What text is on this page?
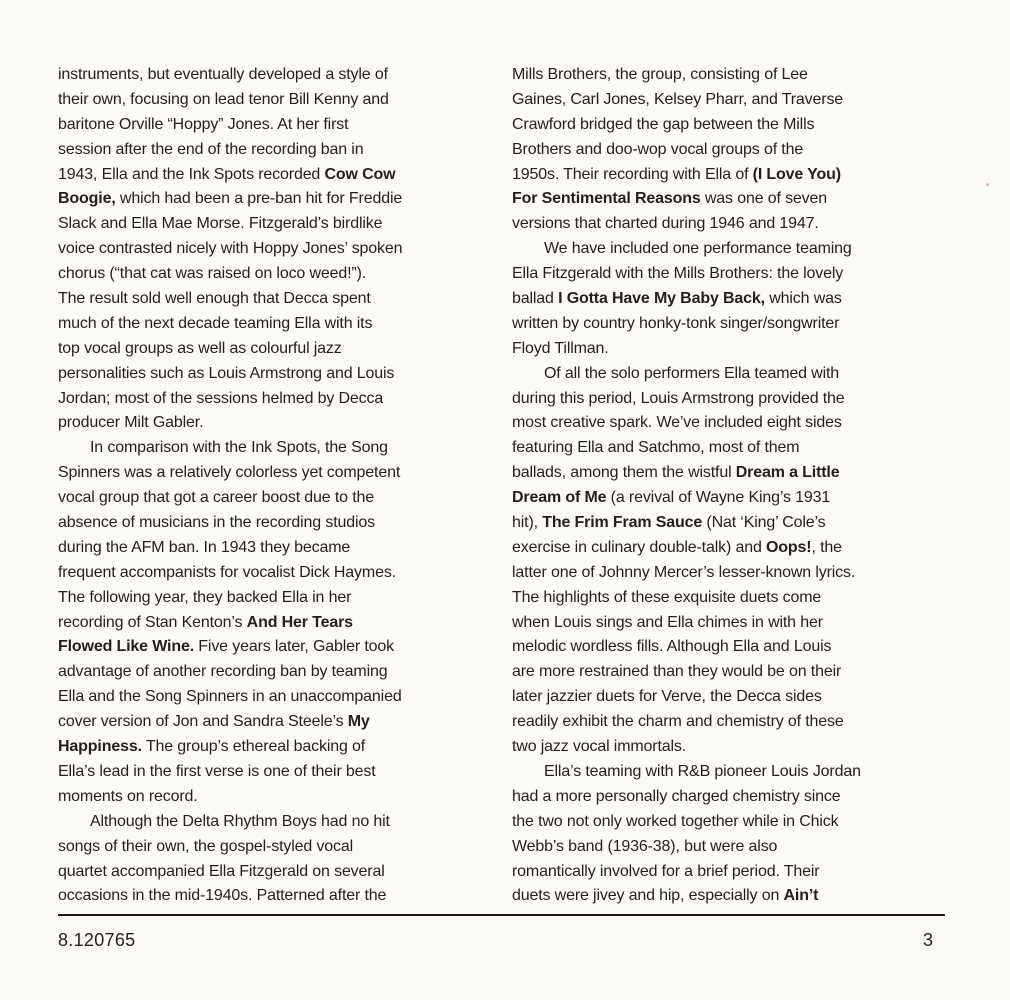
instruments, but eventually developed a style of
their own, focusing on lead tenor Bill Kenny and
baritone Orville “Hoppy” Jones. At her first
session after the end of the recording ban in
1943, Ella and the Ink Spots recorded Cow Cow
Boogie, which had been a pre-ban hit for Freddie
Slack and Ella Mae Morse. Fitzgerald’s birdlike
voice contrasted nicely with Hoppy Jones’ spoken
chorus (“that cat was raised on loco weed!”).
The result sold well enough that Decca spent
much of the next decade teaming Ella with its
top vocal groups as well as colourful jazz
personalities such as Louis Armstrong and Louis
Jordan; most of the sessions helmed by Decca
producer Milt Gabler.
In comparison with the Ink Spots, the Song
Spinners was a relatively colorless yet competent
vocal group that got a career boost due to the
absence of musicians in the recording studios
during the AFM ban. In 1943 they became
frequent accompanists for vocalist Dick Haymes.
The following year, they backed Ella in her
recording of Stan Kenton’s And Her Tears
Flowed Like Wine. Five years later, Gabler took
advantage of another recording ban by teaming
Ella and the Song Spinners in an unaccompanied
cover version of Jon and Sandra Steele’s My
Happiness. The group’s ethereal backing of
Ella’s lead in the first verse is one of their best
moments on record.
Although the Delta Rhythm Boys had no hit
songs of their own, the gospel-styled vocal
quartet accompanied Ella Fitzgerald on several
occasions in the mid-1940s. Patterned after the
Mills Brothers, the group, consisting of Lee
Gaines, Carl Jones, Kelsey Pharr, and Traverse
Crawford bridged the gap between the Mills
Brothers and doo-wop vocal groups of the
1950s. Their recording with Ella of (I Love You)
For Sentimental Reasons was one of seven
versions that charted during 1946 and 1947.
We have included one performance teaming
Ella Fitzgerald with the Mills Brothers: the lovely
ballad I Gotta Have My Baby Back, which was
written by country honky-tonk singer/songwriter
Floyd Tillman.
Of all the solo performers Ella teamed with
during this period, Louis Armstrong provided the
most creative spark. We’ve included eight sides
featuring Ella and Satchmo, most of them
ballads, among them the wistful Dream a Little
Dream of Me (a revival of Wayne King’s 1931
hit), The Frim Fram Sauce (Nat ‘King’ Cole’s
exercise in culinary double-talk) and Oops!, the
latter one of Johnny Mercer’s lesser-known lyrics.
The highlights of these exquisite duets come
when Louis sings and Ella chimes in with her
melodic wordless fills. Although Ella and Louis
are more restrained than they would be on their
later jazzier duets for Verve, the Decca sides
readily exhibit the charm and chemistry of these
two jazz vocal immortals.
Ella’s teaming with R&B pioneer Louis Jordan
had a more personally charged chemistry since
the two not only worked together while in Chick
Webb’s band (1936-38), but were also
romantically involved for a brief period. Their
duets were jivey and hip, especially on Ain’t
8.120765	3
